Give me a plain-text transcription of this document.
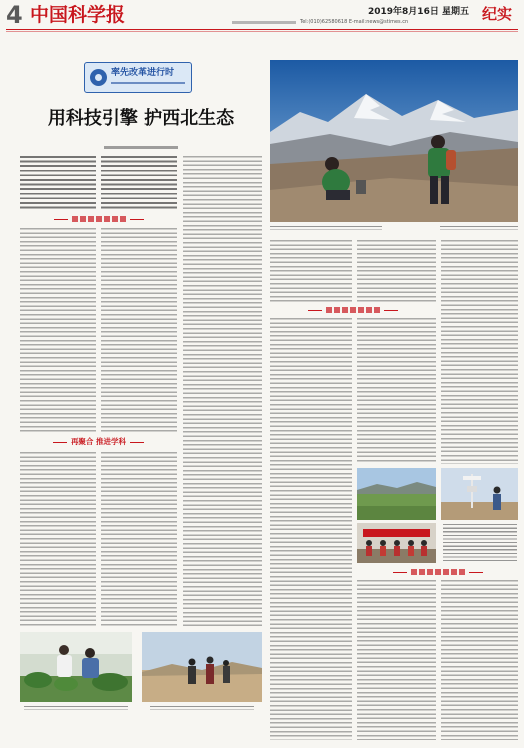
4 中国科学报	Tel:(010)62580618 E-mail:news@stimes.cn
2019年8月16日 星期五 纪实
率先改革进行时
用科技引擎 护西北生态
再聚合 推进学科
